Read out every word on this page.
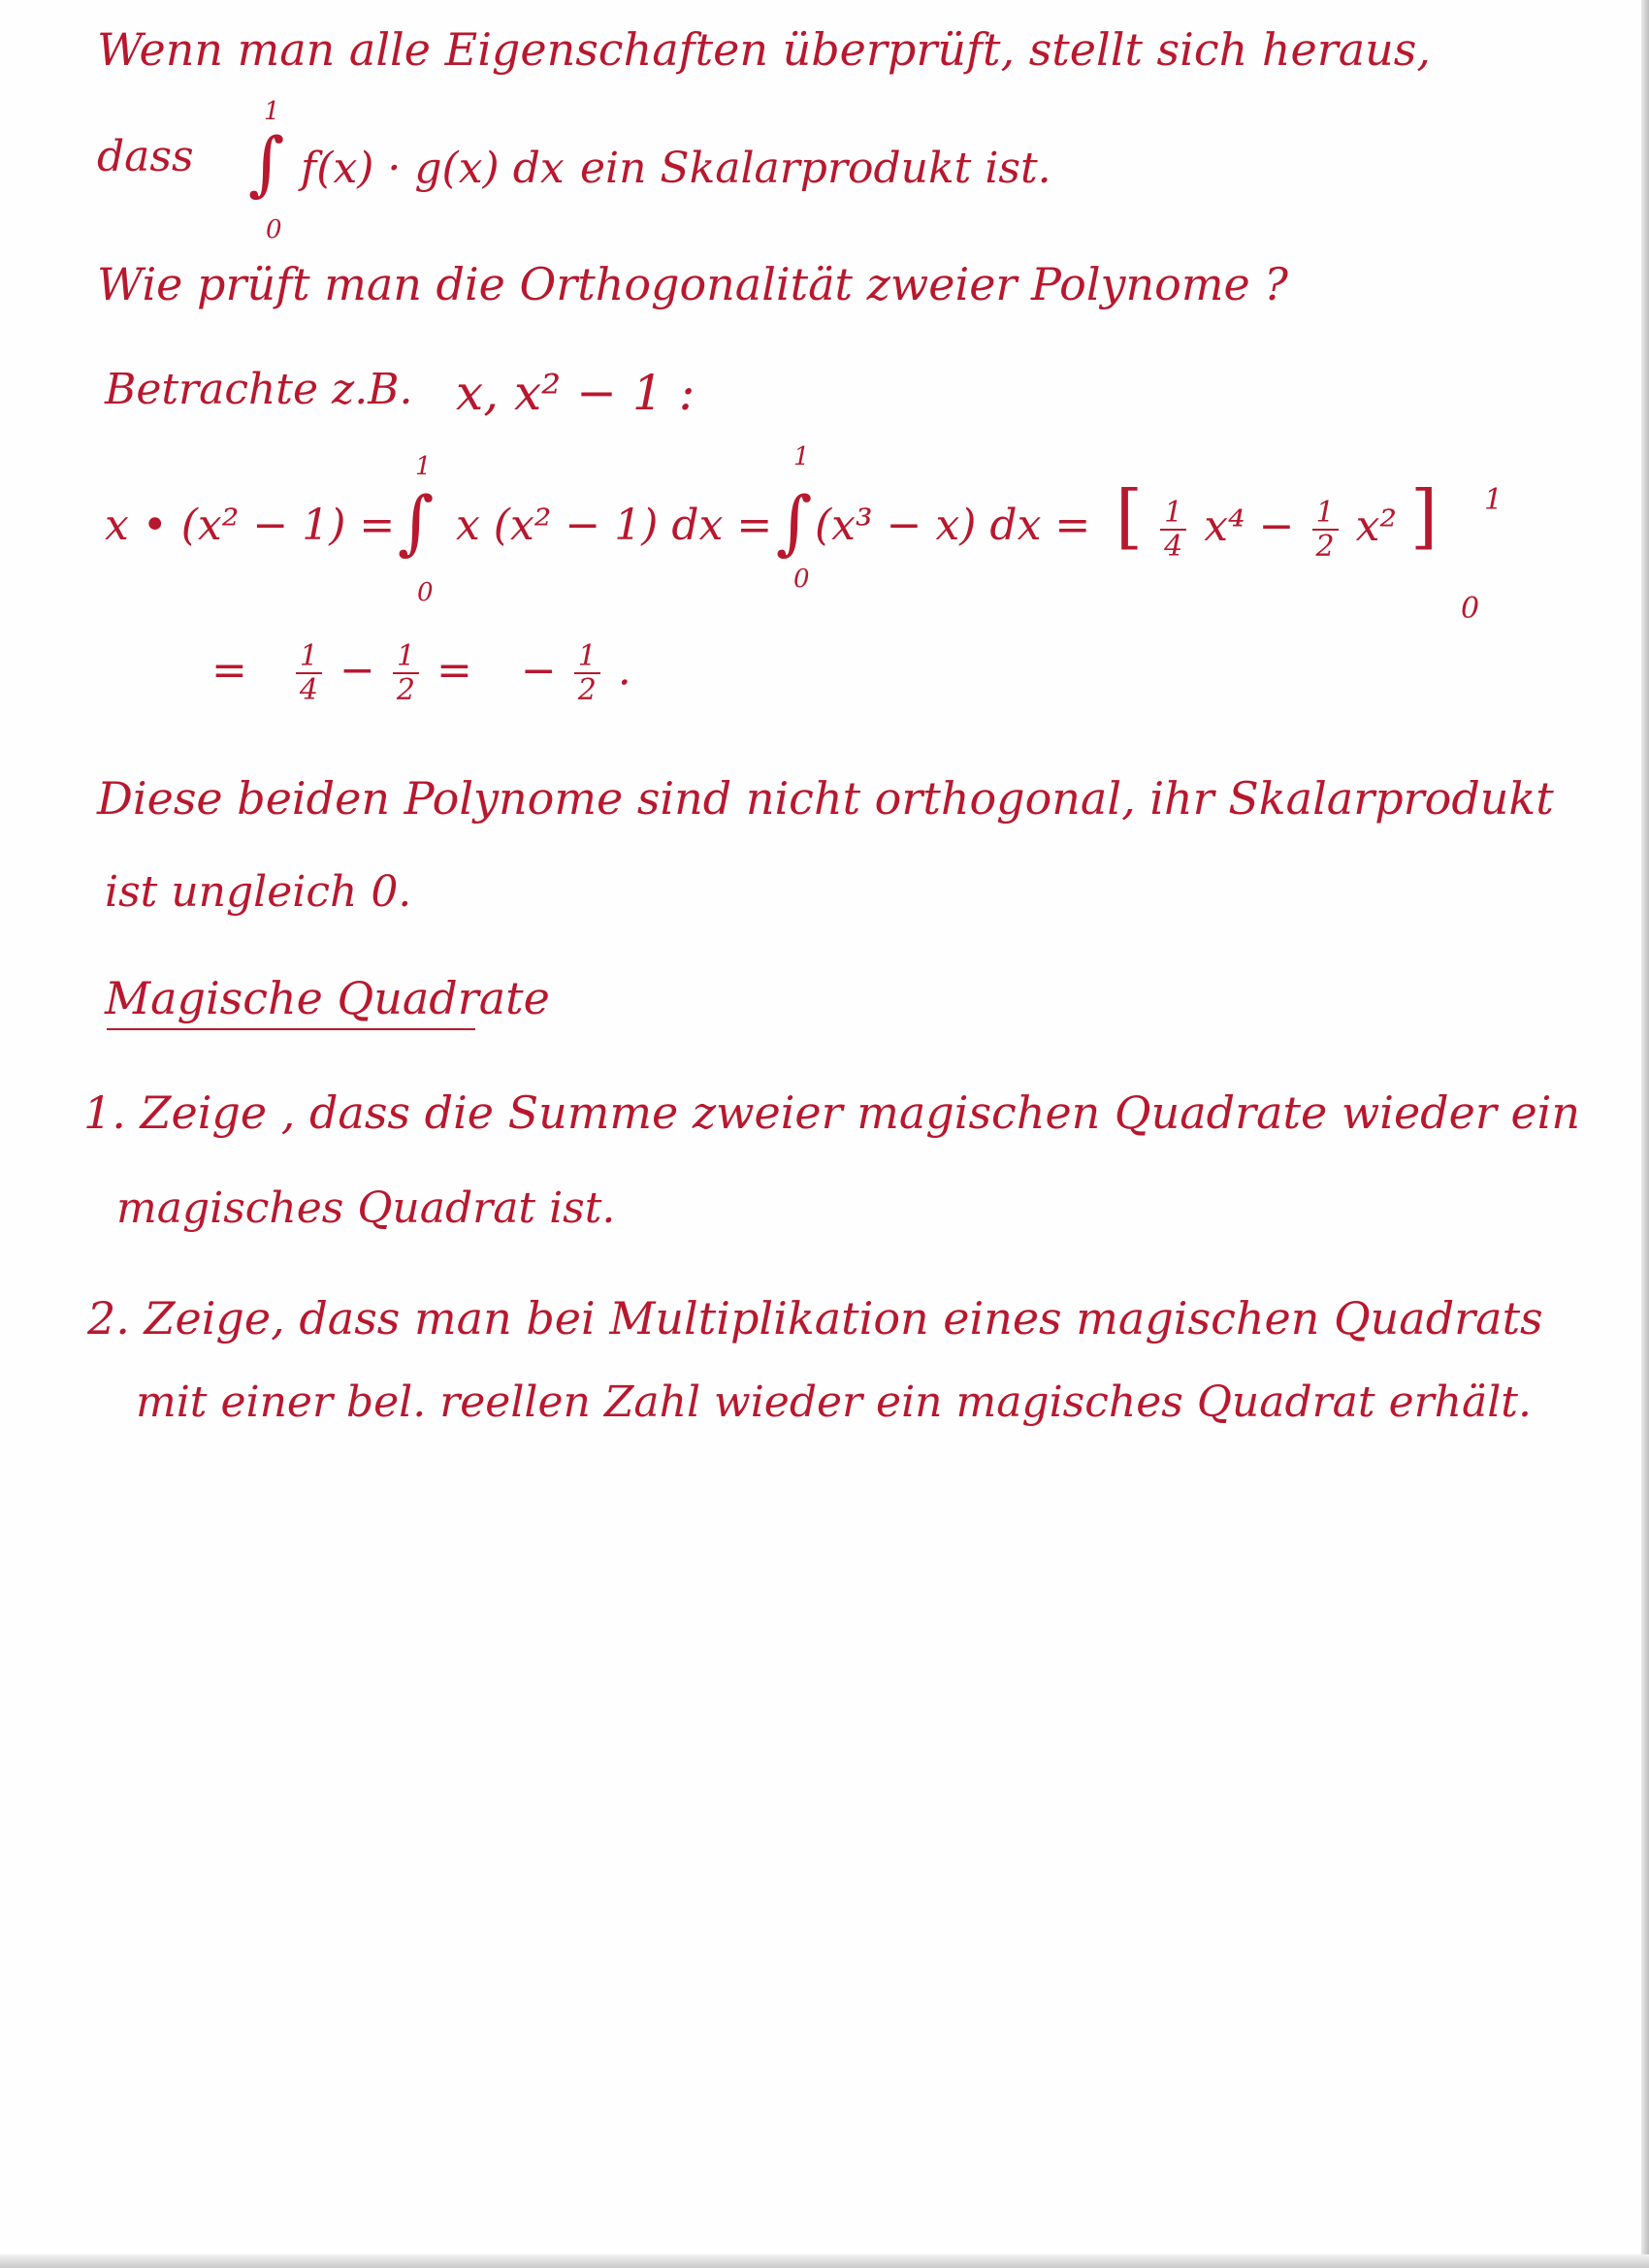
Wenn man alle Eigenschaften überprüft, stellt sich heraus,
dass
1
∫
0
f(x) · g(x) dx ein Skalarprodukt ist.
Wie prüft man die Orthogonalität zweier Polynome ?
Betrachte z.B. x, x² − 1 :
x • (x² − 1) =
1
∫
0
x (x² − 1) dx =
1
∫
0
(x³ − x) dx = [ $\frac{1}{4} x^4 - \frac{1}{2} x^2$ ] 1
0
= $\frac{1}{4} - \frac{1}{2}$ = − $\frac{1}{2}$ .
Diese beiden Polynome sind nicht orthogonal, ihr Skalarprodukt
ist ungleich 0.
Magische Quadrate
1. Zeige , dass die Summe zweier magischen Quadrate wieder ein
magisches Quadrat ist.
2. Zeige, dass man bei Multiplikation eines magischen Quadrats
mit einer bel. reellen Zahl wieder ein magisches Quadrat erhält.
